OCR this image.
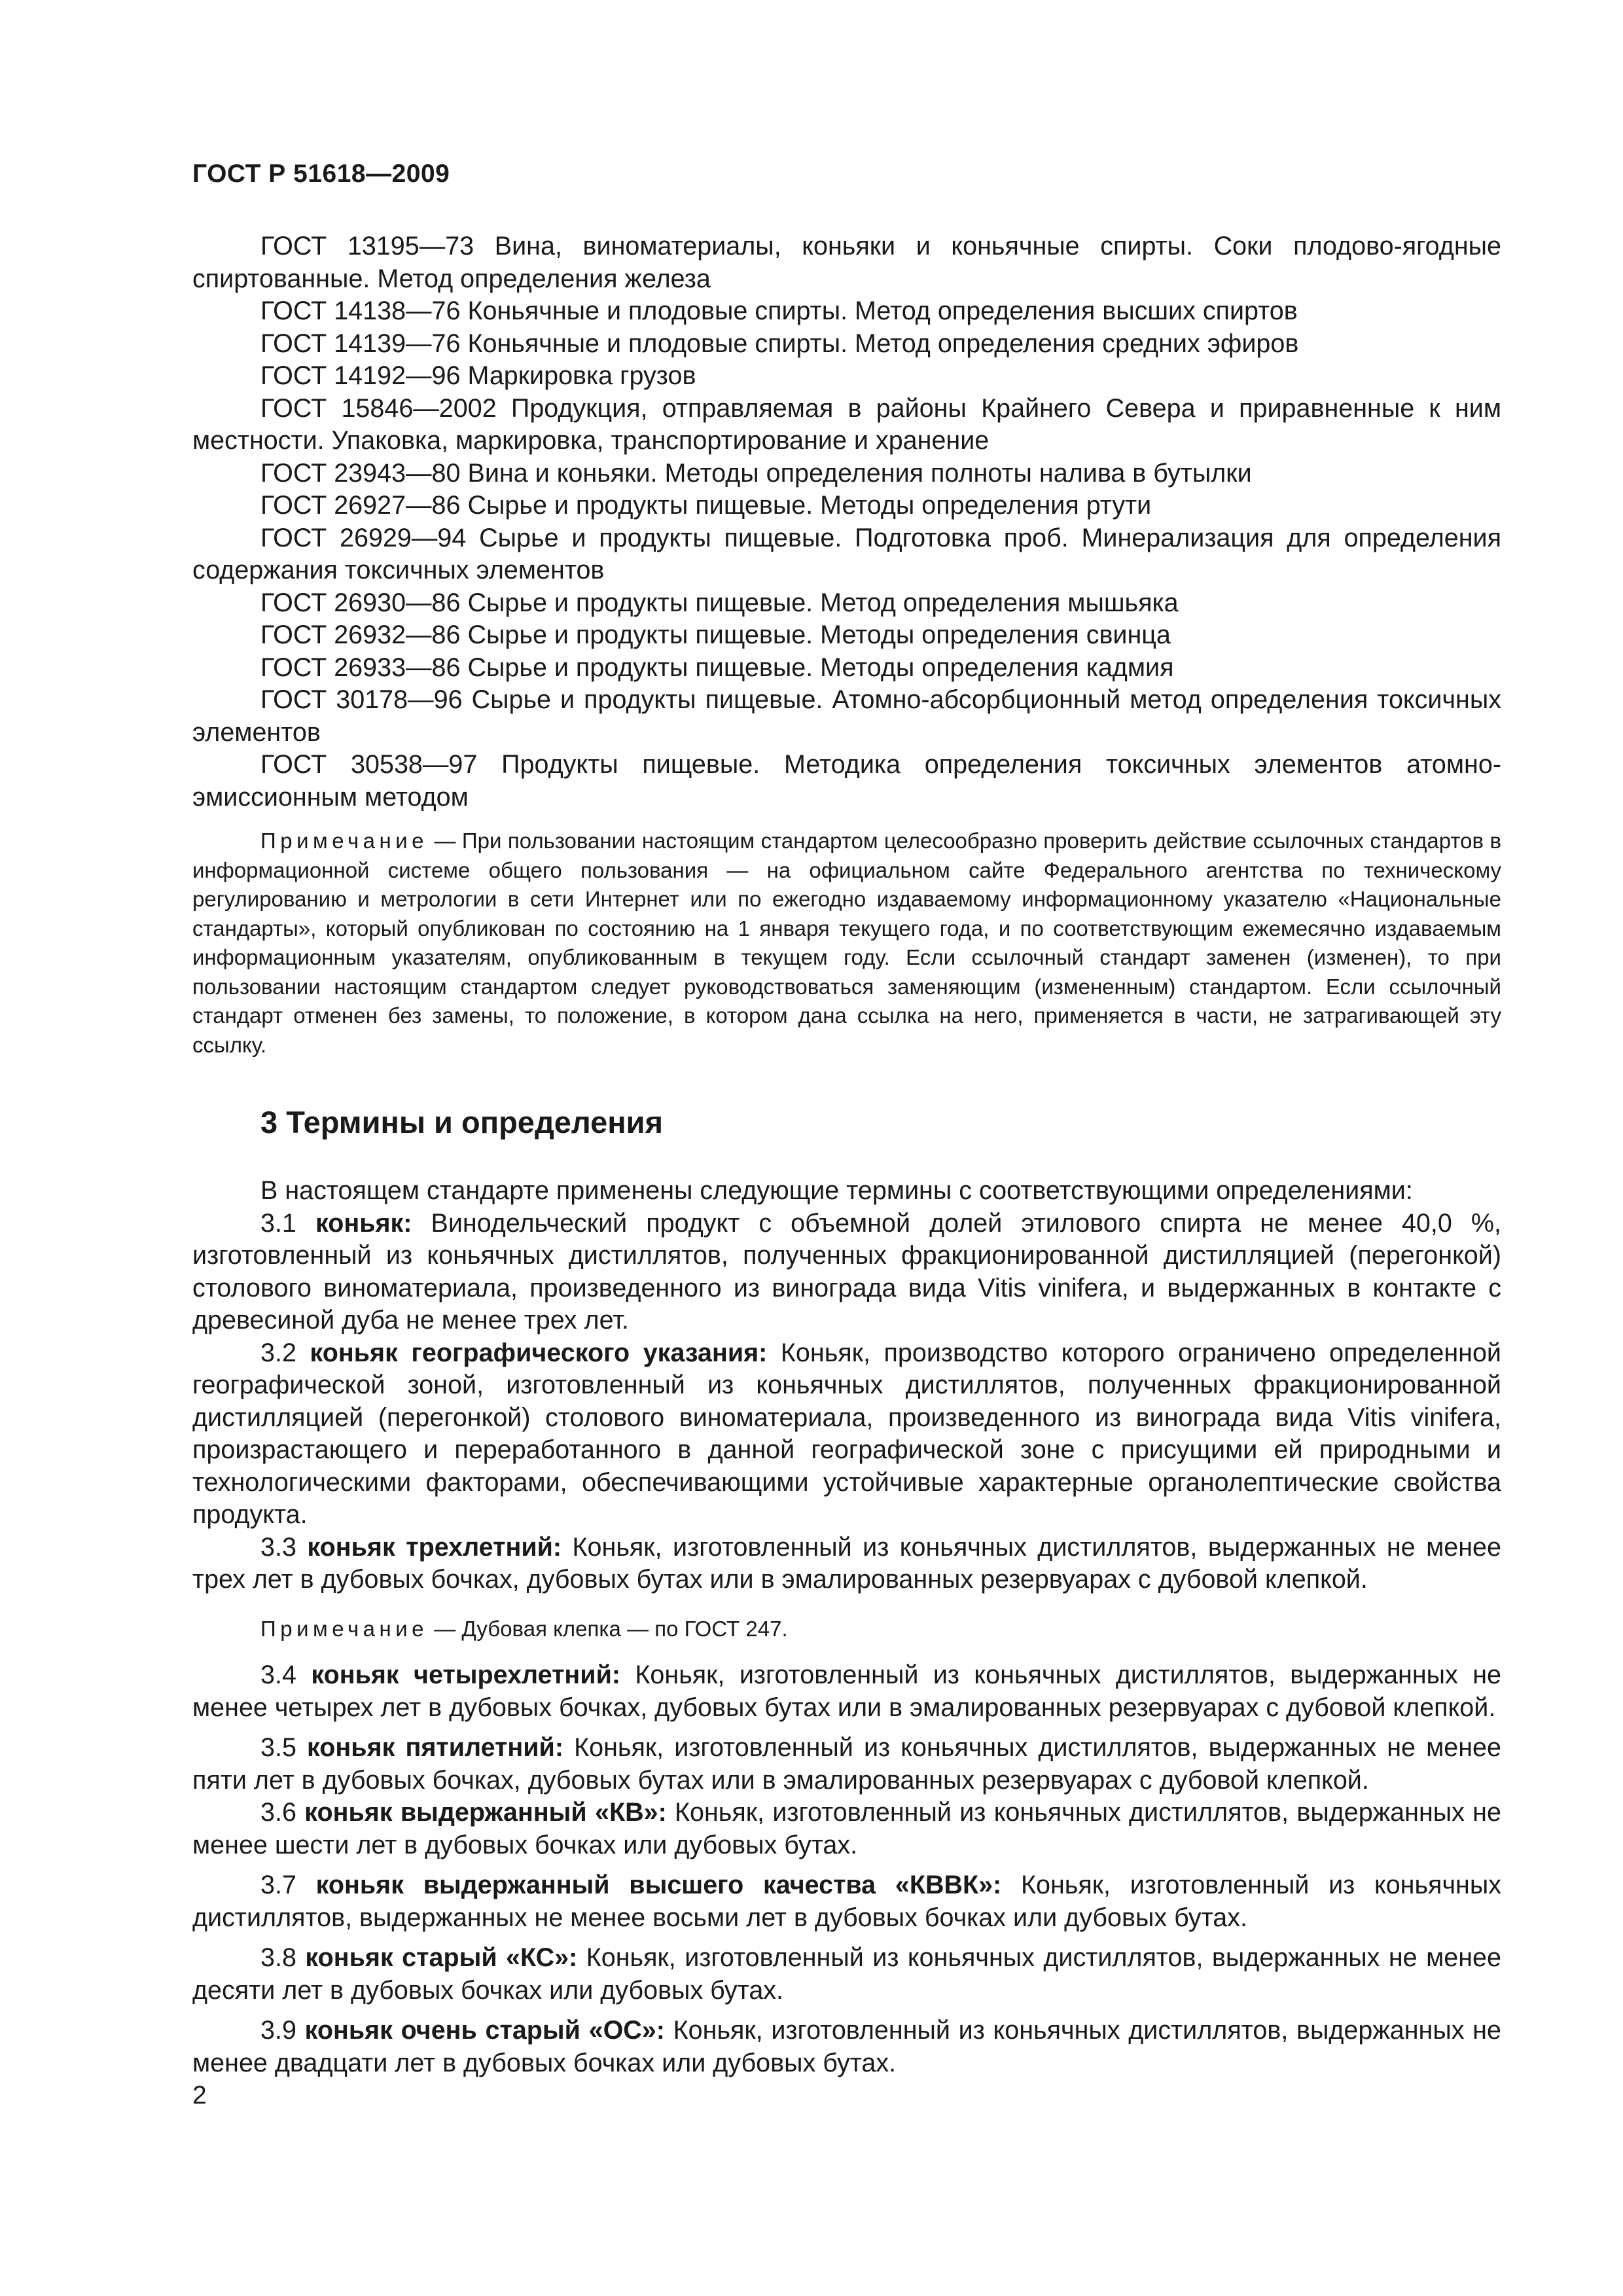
ГОСТ Р 51618—2009

ГОСТ 13195—73 Вина, виноматериалы, коньяки и коньячные спирты. Соки плодово-ягодные спиртованные. Метод определения железа

ГОСТ 14138—76 Коньячные и плодовые спирты. Метод определения высших спиртов

ГОСТ 14139—76 Коньячные и плодовые спирты. Метод определения средних эфиров

ГОСТ 14192—96 Маркировка грузов

ГОСТ 15846—2002 Продукция, отправляемая в районы Крайнего Севера и приравненные к ним местности. Упаковка, маркировка, транспортирование и хранение

ГОСТ 23943—80 Вина и коньяки. Методы определения полноты налива в бутылки

ГОСТ 26927—86 Сырье и продукты пищевые. Методы определения ртути

ГОСТ 26929—94 Сырье и продукты пищевые. Подготовка проб. Минерализация для определения содержания токсичных элементов

ГОСТ 26930—86 Сырье и продукты пищевые. Метод определения мышьяка

ГОСТ 26932—86 Сырье и продукты пищевые. Методы определения свинца

ГОСТ 26933—86 Сырье и продукты пищевые. Методы определения кадмия

ГОСТ 30178—96 Сырье и продукты пищевые. Атомно-абсорбционный метод определения токсичных элементов

ГОСТ 30538—97 Продукты пищевые. Методика определения токсичных элементов атомно-эмиссионным методом

Примечание — При пользовании настоящим стандартом целесообразно проверить действие ссылочных стандартов в информационной системе общего пользования — на официальном сайте Федерального агентства по техническому регулированию и метрологии в сети Интернет или по ежегодно издаваемому информационному указателю «Национальные стандарты», который опубликован по состоянию на 1 января текущего года, и по соответствующим ежемесячно издаваемым информационным указателям, опубликованным в текущем году. Если ссылочный стандарт заменен (изменен), то при пользовании настоящим стандартом следует руководствоваться заменяющим (измененным) стандартом. Если ссылочный стандарт отменен без замены, то положение, в котором дана ссылка на него, применяется в части, не затрагивающей эту ссылку.

3 Термины и определения

В настоящем стандарте применены следующие термины с соответствующими определениями:

3.1 коньяк: Винодельческий продукт с объемной долей этилового спирта не менее 40,0 %, изготовленный из коньячных дистиллятов, полученных фракционированной дистилляцией (перегонкой) столового виноматериала, произведенного из винограда вида Vitis vinifera, и выдержанных в контакте с древесиной дуба не менее трех лет.

3.2 коньяк географического указания: Коньяк, производство которого ограничено определенной географической зоной, изготовленный из коньячных дистиллятов, полученных фракционированной дистилляцией (перегонкой) столового виноматериала, произведенного из винограда вида Vitis vinifera, произрастающего и переработанного в данной географической зоне с присущими ей природными и технологическими факторами, обеспечивающими устойчивые характерные органолептические свойства продукта.

3.3 коньяк трехлетний: Коньяк, изготовленный из коньячных дистиллятов, выдержанных не менее трех лет в дубовых бочках, дубовых бутах или в эмалированных резервуарах с дубовой клепкой.

Примечание — Дубовая клепка — по ГОСТ 247.

3.4 коньяк четырехлетний: Коньяк, изготовленный из коньячных дистиллятов, выдержанных не менее четырех лет в дубовых бочках, дубовых бутах или в эмалированных резервуарах с дубовой клепкой.

3.5 коньяк пятилетний: Коньяк, изготовленный из коньячных дистиллятов, выдержанных не менее пяти лет в дубовых бочках, дубовых бутах или в эмалированных резервуарах с дубовой клепкой.

3.6 коньяк выдержанный «КВ»: Коньяк, изготовленный из коньячных дистиллятов, выдержанных не менее шести лет в дубовых бочках или дубовых бутах.

3.7 коньяк выдержанный высшего качества «КВВК»: Коньяк, изготовленный из коньячных дистиллятов, выдержанных не менее восьми лет в дубовых бочках или дубовых бутах.

3.8 коньяк старый «КС»: Коньяк, изготовленный из коньячных дистиллятов, выдержанных не менее десяти лет в дубовых бочках или дубовых бутах.

3.9 коньяк очень старый «ОС»: Коньяк, изготовленный из коньячных дистиллятов, выдержанных не менее двадцати лет в дубовых бочках или дубовых бутах.

2
